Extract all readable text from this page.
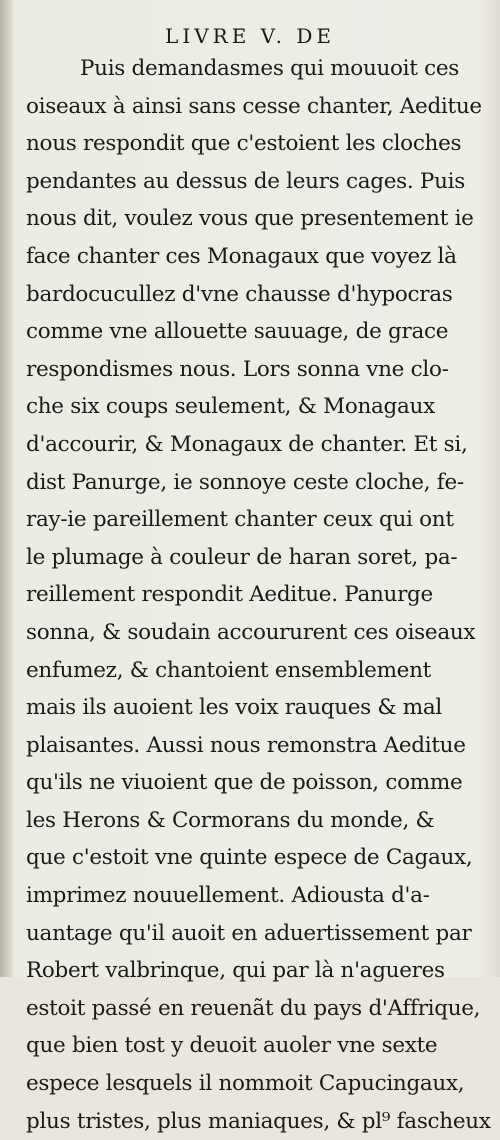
LIVRE V. DE
Puis demandasmes qui mouuoit ces
oiseaux à ainsi sans cesse chanter, Aeditue
nous respondit que c'estoient les cloches
pendantes au dessus de leurs cages. Puis
nous dit, voulez vous que presentement ie
face chanter ces Monagaux que voyez là
bardocucullez d'vne chausse d'hypocras
comme vne allouette sauuage, de grace
respondismes nous. Lors sonna vne clo-
che six coups seulement, & Monagaux
d'accourir, & Monagaux de chanter. Et si,
dist Panurge, ie sonnoye ceste cloche, fe-
ray-ie pareillement chanter ceux qui ont
le plumage à couleur de haran soret, pa-
reillement respondit Aeditue. Panurge
sonna, & soudain accoururent ces oiseaux
enfumez, & chantoient ensemblement
mais ils auoient les voix rauques & mal
plaisantes. Aussi nous remonstra Aeditue
qu'ils ne viuoient que de poisson, comme
les Herons & Cormorans du monde, &
que c'estoit vne quinte espece de Cagaux,
imprimez nouuellement. Adiousta d'a-
uantage qu'il auoit en aduertissement par
Robert valbrinque, qui par là n'agueres
estoit passé en reuenãt du pays d'Affrique,
que bien tost y deuoit auoler vne sexte
espece lesquels il nommoit Capucingaux,
plus tristes, plus maniaques, & pl⁹ fascheux
